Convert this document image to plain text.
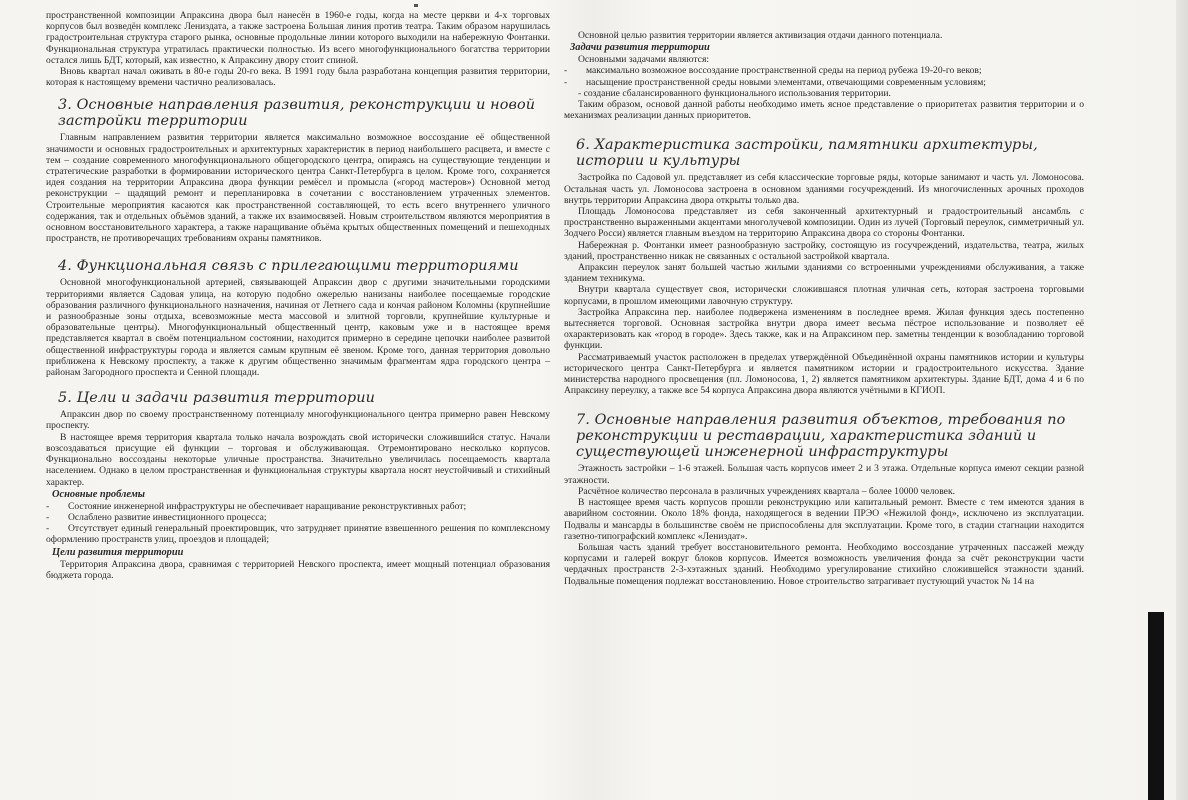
пространственной композиции Апраксина двора был нанесён в 1960-е годы, когда на месте церкви и 4-х торговых корпусов был возведён комплекс Лениздата, а также застроена Большая линия против театра. Таким образом нарушилась градостроительная структура старого рынка, основные продольные линии которого выходили на набережную Фонтанки. Функциональная структура утратилась практически полностью. Из всего многофункционального богатства территории остался лишь БДТ, который, как известно, к Апраксину двору стоит спиной.

Вновь квартал начал оживать в 80-е годы 20-го века. В 1991 году была разработана концепция развития территории, которая к настоящему времени частично реализовалась.

3. Основные направления развития, реконструкции и новой застройки территории

Главным направлением развития территории является максимально возможное воссоздание её общественной значимости и основных градостроительных и архитектурных характеристик в период наибольшего расцвета, и вместе с тем – создание современного многофункционального общегородского центра, опираясь на существующие тенденции и стратегические разработки в формировании исторического центра Санкт-Петербурга в целом. Кроме того, сохраняется идея создания на территории Апраксина двора функции ремёсел и промысла («город мастеров») Основной метод реконструкции – щадящий ремонт и перепланировка в сочетании с восстановлением утраченных элементов. Строительные мероприятия касаются как пространственной составляющей, то есть всего внутреннего уличного содержания, так и отдельных объёмов зданий, а также их взаимосвязей. Новым строительством являются мероприятия в основном восстановительного характера, а также наращивание объёма крытых общественных помещений и пешеходных пространств, не противоречащих требованиям охраны памятников.

4. Функциональная связь с прилегающими территориями

Основной многофункциональной артерией, связывающей Апраксин двор с другими значительными городскими территориями является Садовая улица, на которую подобно ожерелью нанизаны наиболее посещаемые городские образования различного функционального назначения, начиная от Летнего сада и кончая районом Коломны (крупнейшие и разнообразные зоны отдыха, всевозможные места массовой и элитной торговли, крупнейшие культурные и образовательные центры). Многофункциональный общественный центр, каковым уже и в настоящее время представляется квартал в своём потенциальном состоянии, находится примерно в середине цепочки наиболее развитой общественной инфраструктуры города и является самым крупным её звеном. Кроме того, данная территория довольно приближена к Невскому проспекту, а также к другим общественно значимым фрагментам ядра городского центра – районам Загородного проспекта и Сенной площади.

5. Цели и задачи развития территории

Апраксин двор по своему пространственному потенциалу многофункционального центра примерно равен Невскому проспекту.

В настоящее время территория квартала только начала возрождать свой исторически сложившийся статус. Начали возсоздаваться присущие ей функции – торговая и обслуживающая. Отремонтировано несколько корпусов. Функционально воссозданы некоторые уличные пространства. Значительно увеличилась посещаемость квартала населением. Однако в целом пространственная и функциональная структуры квартала носят неустойчивый и стихийный характер.

Основные проблемы

- Состояние инженерной инфраструктуры не обеспечивает наращивание реконструктивных работ;

- Ослаблено развитие инвестиционного процесса;

- Отсутствует единый генеральный проектировщик, что затрудняет принятие взвешенного решения по комплексному оформлению пространств улиц, проездов и площадей;

Цели развития территории

Территория Апраксина двора, сравнимая с территорией Невского проспекта, имеет мощный потенциал образования бюджета города.

Основной целью развития территории является активизация отдачи данного потенциала.

Задачи развития территории

Основными задачами являются:

- максимально возможное воссоздание пространственной среды на период рубежа 19-20-го веков;

- насыщение пространственной среды новыми элементами, отвечающими современным условиям;

- создание сбалансированного функционального использования территории.

Таким образом, основой данной работы необходимо иметь ясное представление о приоритетах развития территории и о механизмах реализации данных приоритетов.

6. Характеристика застройки, памятники архитектуры, истории и культуры

Застройка по Садовой ул. представляет из себя классические торговые ряды, которые занимают и часть ул. Ломоносова. Остальная часть ул. Ломоносова застроена в основном зданиями госучреждений. Из многочисленных арочных проходов внутрь территории Апраксина двора открыты только два.

Площадь Ломоносова представляет из себя законченный архитектурный и градостроительный ансамбль с пространственно выраженными акцентами многолучевой композиции. Один из лучей (Торговый переулок, симметричный ул. Зодчего Росси) является главным въездом на территорию Апраксина двора со стороны Фонтанки.

Набережная р. Фонтанки имеет разнообразную застройку, состоящую из госучреждений, издательства, театра, жилых зданий, пространственно никак не связанных с остальной застройкой квартала.

Апраксин переулок занят большей частью жилыми зданиями со встроенными учреждениями обслуживания, а также зданием техникума.

Внутри квартала существует своя, исторически сложившаяся плотная уличная сеть, которая застроена торговыми корпусами, в прошлом имеющими лавочную структуру.

Застройка Апраксина пер. наиболее подвержена изменениям в последнее время. Жилая функция здесь постепенно вытесняется торговой. Основная застройка внутри двора имеет весьма пёстрое использование и позволяет её охарактеризовать как «город в городе». Здесь также, как и на Апраксином пер. заметны тенденции к возобладанию торговой функции.

Рассматриваемый участок расположен в пределах утверждённой Объединённой охраны памятников истории и культуры исторического центра Санкт-Петербурга и является памятником истории и градостроительного искусства. Здание министерства народного просвещения (пл. Ломоносова, 1, 2) является памятником архитектуры. Здание БДТ, дома 4 и 6 по Апраксину переулку, а также все 54 корпуса Апраксина двора являются учётными в КГИОП.

7. Основные направления развития объектов, требования по реконструкции и реставрации, характеристика зданий и существующей инженерной инфраструктуры

Этажность застройки – 1-6 этажей. Большая часть корпусов имеет 2 и 3 этажа. Отдельные корпуса имеют секции разной этажности.

Расчётное количество персонала в различных учреждениях квартала – более 10000 человек.

В настоящее время часть корпусов прошли реконструкцию или капитальный ремонт. Вместе с тем имеются здания в аварийном состоянии. Около 18% фонда, находящегося в ведении ПРЭО «Нежилой фонд», исключено из эксплуатации. Подвалы и мансарды в большинстве своём не приспособлены для эксплуатации. Кроме того, в стадии стагнации находится газетно-типографский комплекс «Лениздат».

Большая часть зданий требует восстановительного ремонта. Необходимо воссоздание утраченных пассажей между корпусами и галерей вокруг блоков корпусов. Имеется возможность увеличения фонда за счёт реконструкции части чердачных пространств 2-3-хэтажных зданий. Необходимо урегулирование стихийно сложившейся этажности зданий. Подвальные помещения подлежат восстановлению. Новое строительство затрагивает пустующий участок № 14 на
